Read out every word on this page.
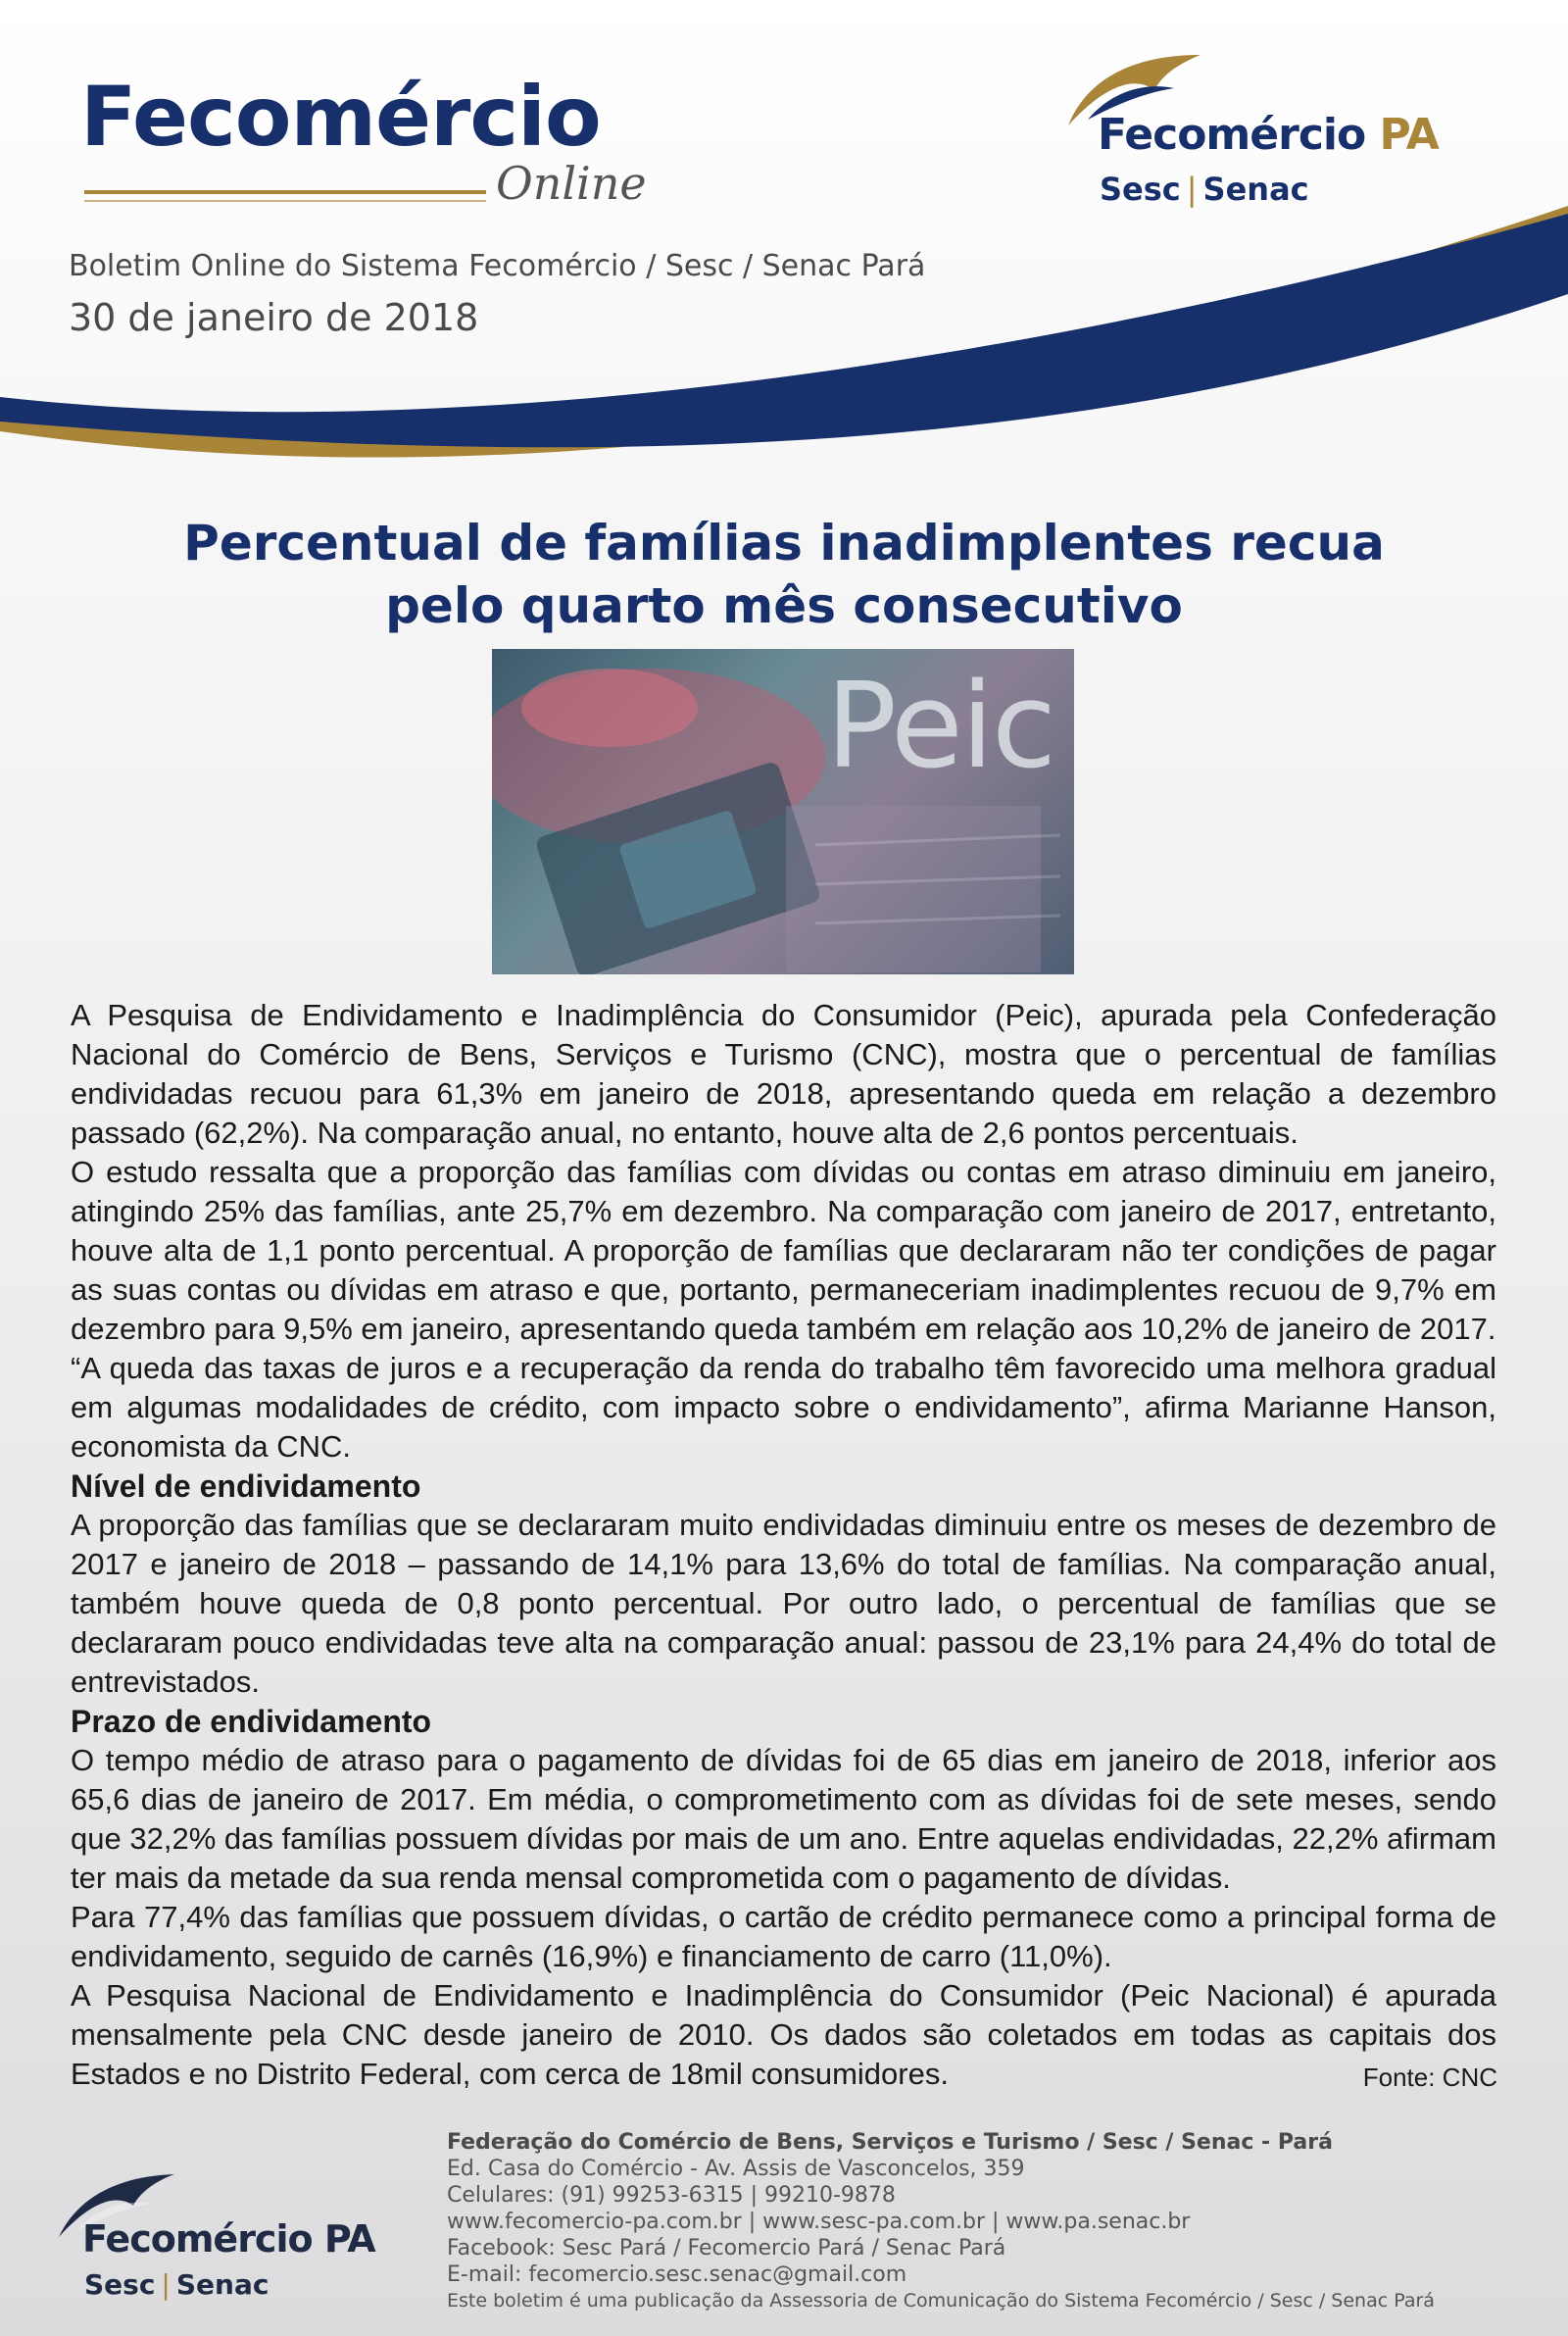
Fecomércio

Online

Fecomércio PA

Sesc | Senac

Boletim Online do Sistema Fecomércio / Sesc / Senac Pará

30 de janeiro de 2018

Percentual de famílias inadimplentes recua
pelo quarto mês consecutivo

Peic

A Pesquisa de Endividamento e Inadimplência do Consumidor (Peic), apurada pela Confederação Nacional do Comércio de Bens, Serviços e Turismo (CNC), mostra que o percentual de famílias endividadas recuou para 61,3% em janeiro de 2018, apresentando queda em relação a dezembro passado (62,2%). Na comparação anual, no entanto, houve alta de 2,6 pontos percentuais.

O estudo ressalta que a proporção das famílias com dívidas ou contas em atraso diminuiu em janeiro, atingindo 25% das famílias, ante 25,7% em dezembro. Na comparação com janeiro de 2017, entretanto, houve alta de 1,1 ponto percentual. A proporção de famílias que declararam não ter condições de pagar as suas contas ou dívidas em atraso e que, portanto, permaneceriam inadimplentes recuou de 9,7% em dezembro para 9,5% em janeiro, apresentando queda também em relação aos 10,2% de janeiro de 2017.

“A queda das taxas de juros e a recuperação da renda do trabalho têm favorecido uma melhora gradual em algumas modalidades de crédito, com impacto sobre o endividamento”, afirma Marianne Hanson, economista da CNC.

Nível de endividamento

A proporção das famílias que se declararam muito endividadas diminuiu entre os meses de dezembro de 2017 e janeiro de 2018 – passando de 14,1% para 13,6% do total de famílias. Na comparação anual, também houve queda de 0,8 ponto percentual. Por outro lado, o percentual de famílias que se declararam pouco endividadas teve alta na comparação anual: passou de 23,1% para 24,4% do total de entrevistados.

Prazo de endividamento

O tempo médio de atraso para o pagamento de dívidas foi de 65 dias em janeiro de 2018, inferior aos 65,6 dias de janeiro de 2017. Em média, o comprometimento com as dívidas foi de sete meses, sendo que 32,2% das famílias possuem dívidas por mais de um ano. Entre aquelas endividadas, 22,2% afirmam ter mais da metade da sua renda mensal comprometida com o pagamento de dívidas.

Para 77,4% das famílias que possuem dívidas, o cartão de crédito permanece como a principal forma de endividamento, seguido de carnês (16,9%) e financiamento de carro (11,0%).

A Pesquisa Nacional de Endividamento e Inadimplência do Consumidor (Peic Nacional) é apurada mensalmente pela CNC desde janeiro de 2010. Os dados são coletados em todas as capitais dos Estados e no Distrito Federal, com cerca de 18mil consumidores.	Fonte: CNC

Fecomércio PA

Sesc | Senac

Federação do Comércio de Bens, Serviços e Turismo / Sesc / Senac - Pará
Ed. Casa do Comércio - Av. Assis de Vasconcelos, 359
Celulares: (91) 99253-6315 | 99210-9878
www.fecomercio-pa.com.br | www.sesc-pa.com.br | www.pa.senac.br
Facebook: Sesc Pará / Fecomercio Pará / Senac Pará
E-mail: fecomercio.sesc.senac@gmail.com
Este boletim é uma publicação da Assessoria de Comunicação do Sistema Fecomércio / Sesc / Senac Pará
